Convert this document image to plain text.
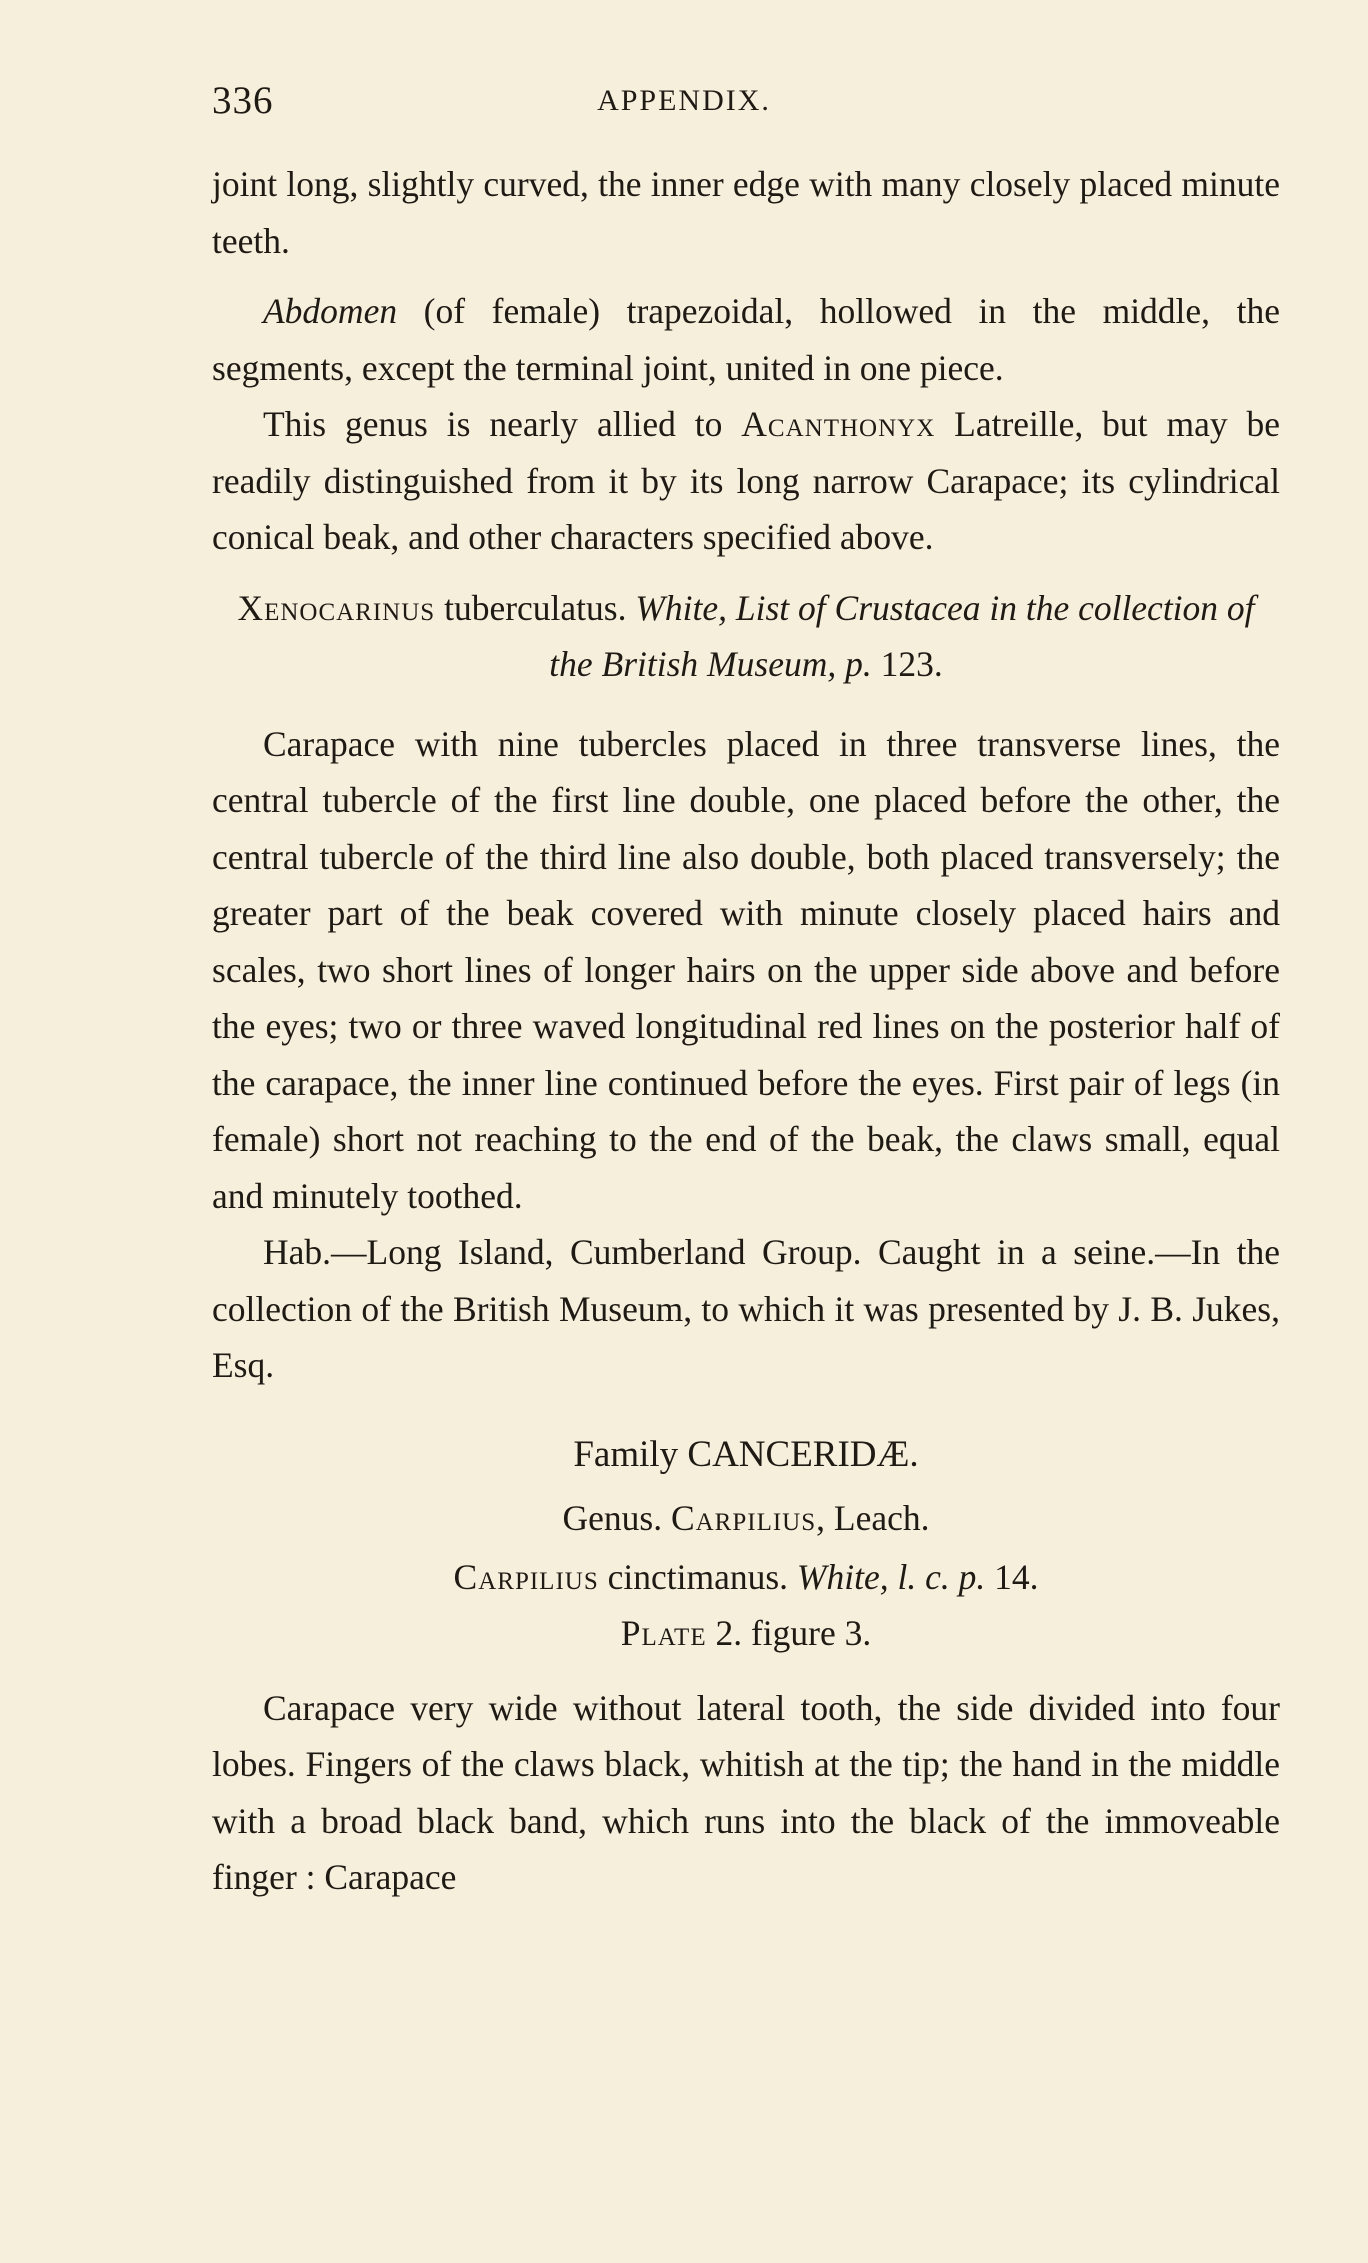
336	APPENDIX.

joint long, slightly curved, the inner edge with many closely placed minute teeth.

Abdomen (of female) trapezoidal, hollowed in the middle, the segments, except the terminal joint, united in one piece.

This genus is nearly allied to Acanthonyx Latreille, but may be readily distinguished from it by its long narrow Carapace; its cylindrical conical beak, and other characters specified above.

Xenocarinus tuberculatus. White, List of Crustacea in the collection of the British Museum, p. 123.

Carapace with nine tubercles placed in three transverse lines, the central tubercle of the first line double, one placed before the other, the central tubercle of the third line also double, both placed transversely; the greater part of the beak covered with minute closely placed hairs and scales, two short lines of longer hairs on the upper side above and before the eyes; two or three waved longitudinal red lines on the posterior half of the carapace, the inner line continued before the eyes. First pair of legs (in female) short not reaching to the end of the beak, the claws small, equal and minutely toothed.

Hab.—Long Island, Cumberland Group. Caught in a seine.—In the collection of the British Museum, to which it was presented by J. B. Jukes, Esq.

Family CANCERIDÆ.

Genus. Carpilius, Leach.

Carpilius cinctimanus. White, l. c. p. 14.

Plate 2. figure 3.

Carapace very wide without lateral tooth, the side divided into four lobes. Fingers of the claws black, whitish at the tip; the hand in the middle with a broad black band, which runs into the black of the immoveable finger : Carapace
